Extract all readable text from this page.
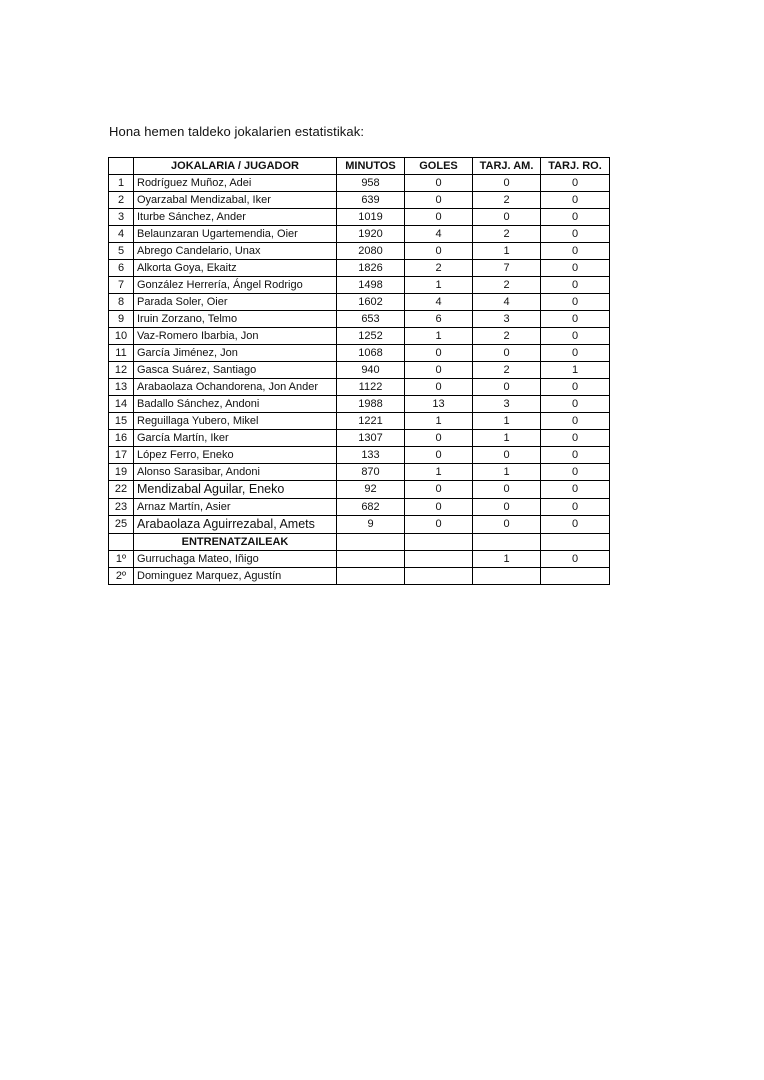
Hona hemen taldeko jokalarien estatistikak:
	JOKALARIA / JUGADOR	MINUTOS	GOLES	TARJ. AM.	TARJ. RO.
1	Rodríguez Muñoz, Adei	958	0	0	0
2	Oyarzabal Mendizabal, Iker	639	0	2	0
3	Iturbe Sánchez, Ander	1019	0	0	0
4	Belaunzaran Ugartemendia, Oier	1920	4	2	0
5	Abrego Candelario, Unax	2080	0	1	0
6	Alkorta Goya, Ekaitz	1826	2	7	0
7	González Herrería, Ángel Rodrigo	1498	1	2	0
8	Parada Soler, Oier	1602	4	4	0
9	Iruin Zorzano, Telmo	653	6	3	0
10	Vaz-Romero Ibarbia, Jon	1252	1	2	0
11	García Jiménez, Jon	1068	0	0	0
12	Gasca Suárez, Santiago	940	0	2	1
13	Arabaolaza Ochandorena, Jon Ander	1122	0	0	0
14	Badallo Sánchez, Andoni	1988	13	3	0
15	Reguillaga Yubero, Mikel	1221	1	1	0
16	García Martín, Iker	1307	0	1	0
17	López Ferro, Eneko	133	0	0	0
19	Alonso Sarasibar, Andoni	870	1	1	0
22	Mendizabal Aguilar, Eneko	92	0	0	0
23	Arnaz Martín, Asier	682	0	0	0
25	Arabaolaza Aguirrezabal, Amets	9	0	0	0
	ENTRENATZAILEAK				
1º	Gurruchaga Mateo, Iñigo			1	0
2º	Dominguez Marquez, Agustín				
